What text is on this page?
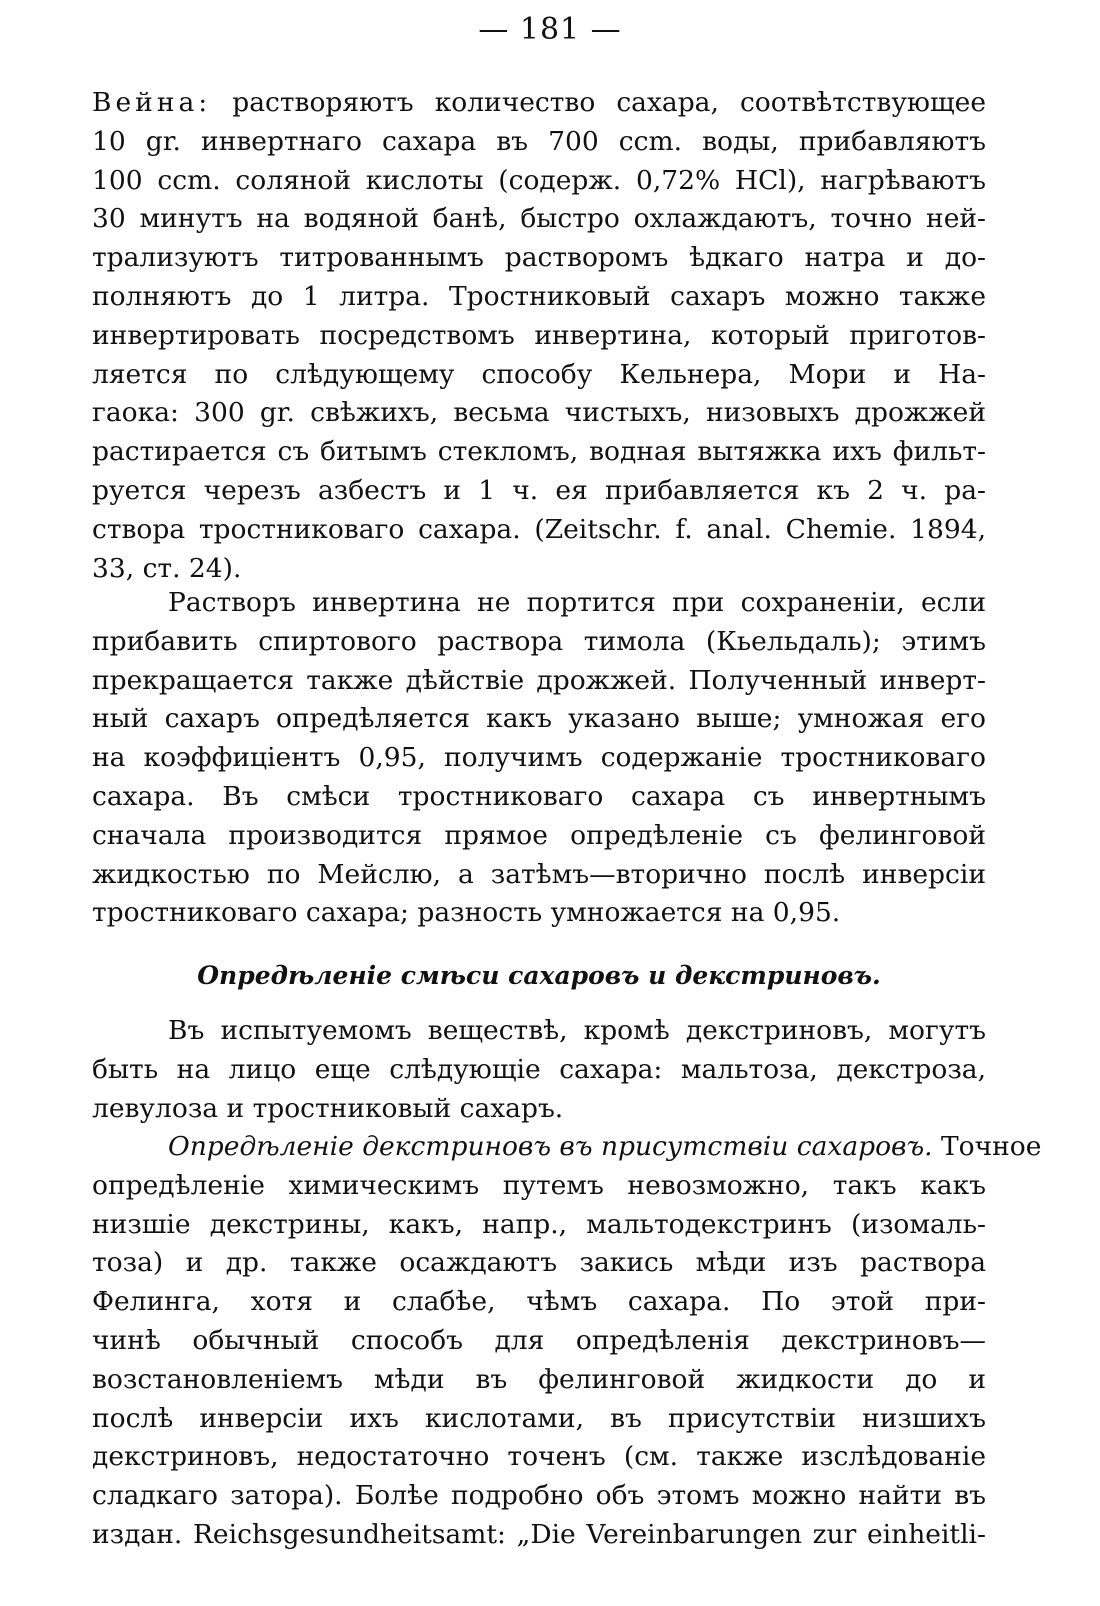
— 181 —
Вейна: растворяютъ количество сахара, соотвѣтствующее
10 gr. инвертнаго сахара въ 700 ccm. воды, прибавляютъ
100 ccm. соляной кислоты (содерж. 0,72% HCl), нагрѣваютъ
30 минутъ на водяной банѣ, быстро охлаждаютъ, точно ней-
трализуютъ титрованнымъ растворомъ ѣдкаго натра и до-
полняютъ до 1 литра. Тростниковый сахаръ можно также
инвертировать посредствомъ инвертина, который приготов-
ляется по слѣдующему способу Кельнера, Мори и На-
гаока: 300 gr. свѣжихъ, весьма чистыхъ, низовыхъ дрожжей
растирается съ битымъ стекломъ, водная вытяжка ихъ фильт-
руется черезъ азбестъ и 1 ч. ея прибавляется къ 2 ч. ра-
створа тростниковаго сахара. (Zeitschr. f. anal. Chemie. 1894,
33, ст. 24).
Растворъ инвертина не портится при сохраненіи, если
прибавить спиртового раствора тимола (Кьельдаль); этимъ
прекращается также дѣйствіе дрожжей. Полученный инверт-
ный сахаръ опредѣляется какъ указано выше; умножая его
на коэффиціентъ 0,95, получимъ содержаніе тростниковаго
сахара. Въ смѣси тростниковаго сахара съ инвертнымъ
сначала производится прямое опредѣленіе съ фелинговой
жидкостью по Мейслю, а затѣмъ—вторично послѣ инверсіи
тростниковаго сахара; разность умножается на 0,95.
Опредѣленіе смѣси сахаровъ и декстриновъ.
Въ испытуемомъ веществѣ, кромѣ декстриновъ, могутъ
быть на лицо еще слѣдующіе сахара: мальтоза, декстроза,
левулоза и тростниковый сахаръ.
Опредѣленіе декстриновъ въ присутствіи сахаровъ. Точное
опредѣленіе химическимъ путемъ невозможно, такъ какъ
низшіе декстрины, какъ, напр., мальтодекстринъ (изомаль-
тоза) и др. также осаждаютъ закись мѣди изъ раствора
Фелинга, хотя и слабѣе, чѣмъ сахара. По этой при-
чинѣ обычный способъ для опредѣленія декстриновъ—
возстановленіемъ мѣди въ фелинговой жидкости до и
послѣ инверсіи ихъ кислотами, въ присутствіи низшихъ
декстриновъ, недостаточно точенъ (см. также изслѣдованіе
сладкаго затора). Болѣе подробно объ этомъ можно найти въ
издан. Reichsgesundheitsamt: „Die Vereinbarungen zur einheitli-
